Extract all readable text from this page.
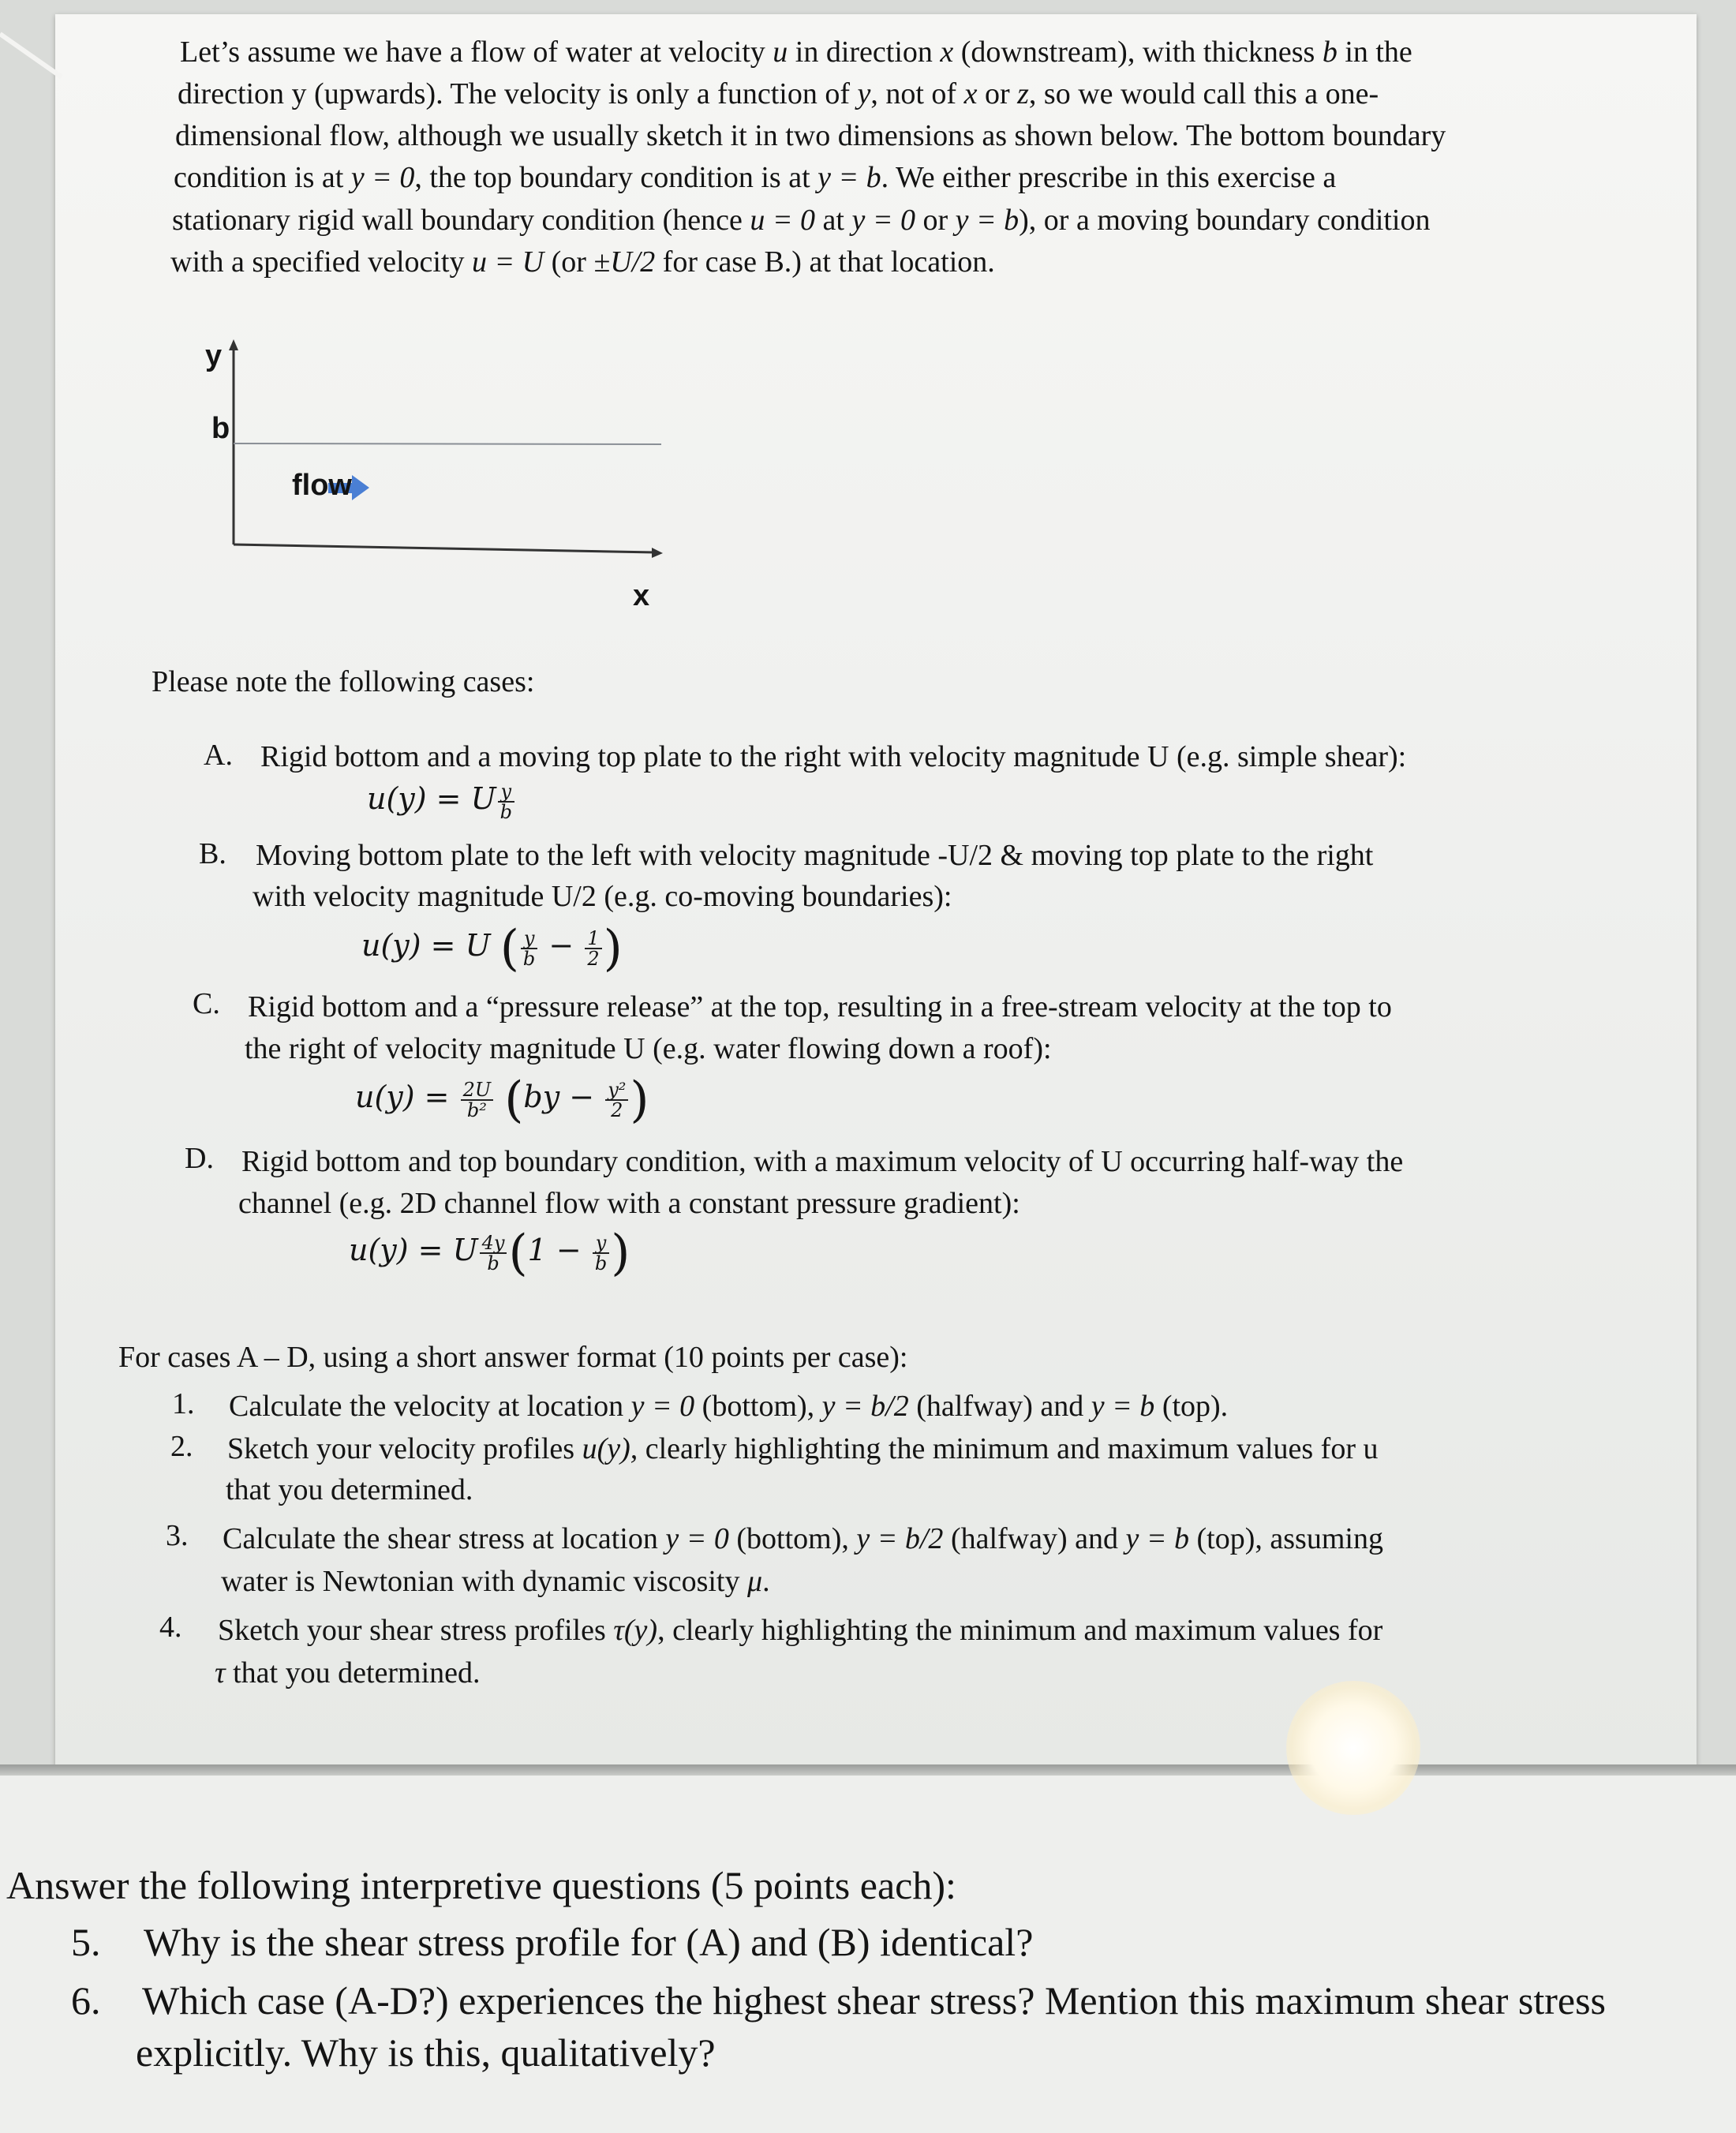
Let’s assume we have a flow of water at velocity u in direction x (downstream), with thickness b in the
direction y (upwards). The velocity is only a function of y, not of x or z, so we would call this a one-
dimensional flow, although we usually sketch it in two dimensions as shown below. The bottom boundary
condition is at y = 0, the top boundary condition is at y = b. We either prescribe in this exercise a
stationary rigid wall boundary condition (hence u = 0 at y = 0 or y = b), or a moving boundary condition
with a specified velocity u = U (or ±U/2 for case B.) at that location.
y
b
flow
x
Please note the following cases:
A. Rigid bottom and a moving top plate to the right with velocity magnitude U (e.g. simple shear):
u(y) = U $\frac{y}{b}$
B. Moving bottom plate to the left with velocity magnitude -U/2 & moving top plate to the right
with velocity magnitude U/2 (e.g. co-moving boundaries):
u(y) = U ( $\frac{y}{b} - \frac{1}{2}$ )
C. Rigid bottom and a “pressure release” at the top, resulting in a free-stream velocity at the top to
the right of velocity magnitude U (e.g. water flowing down a roof):
$u(y) = \frac{2U}{\text{b²}} (by - \frac{\text{y²}}{2}$ )
D. Rigid bottom and top boundary condition, with a maximum velocity of U occurring half-way the
channel (e.g. 2D channel flow with a constant pressure gradient):
u(y) = U $\frac{4y}{b} (1 - \frac{y}{b}$ )
For cases A – D, using a short answer format (10 points per case):
1. Calculate the velocity at location y = 0 (bottom), y = b/2 (halfway) and y = b (top).
2. Sketch your velocity profiles u(y), clearly highlighting the minimum and maximum values for u
that you determined.
3. Calculate the shear stress at location y = 0 (bottom), y = b/2 (halfway) and y = b (top), assuming
water is Newtonian with dynamic viscosity μ.
4. Sketch your shear stress profiles τ(y), clearly highlighting the minimum and maximum values for
τ that you determined.
Answer the following interpretive questions (5 points each):
5. Why is the shear stress profile for (A) and (B) identical?
6. Which case (A-D?) experiences the highest shear stress? Mention this maximum shear stress
explicitly. Why is this, qualitatively?
